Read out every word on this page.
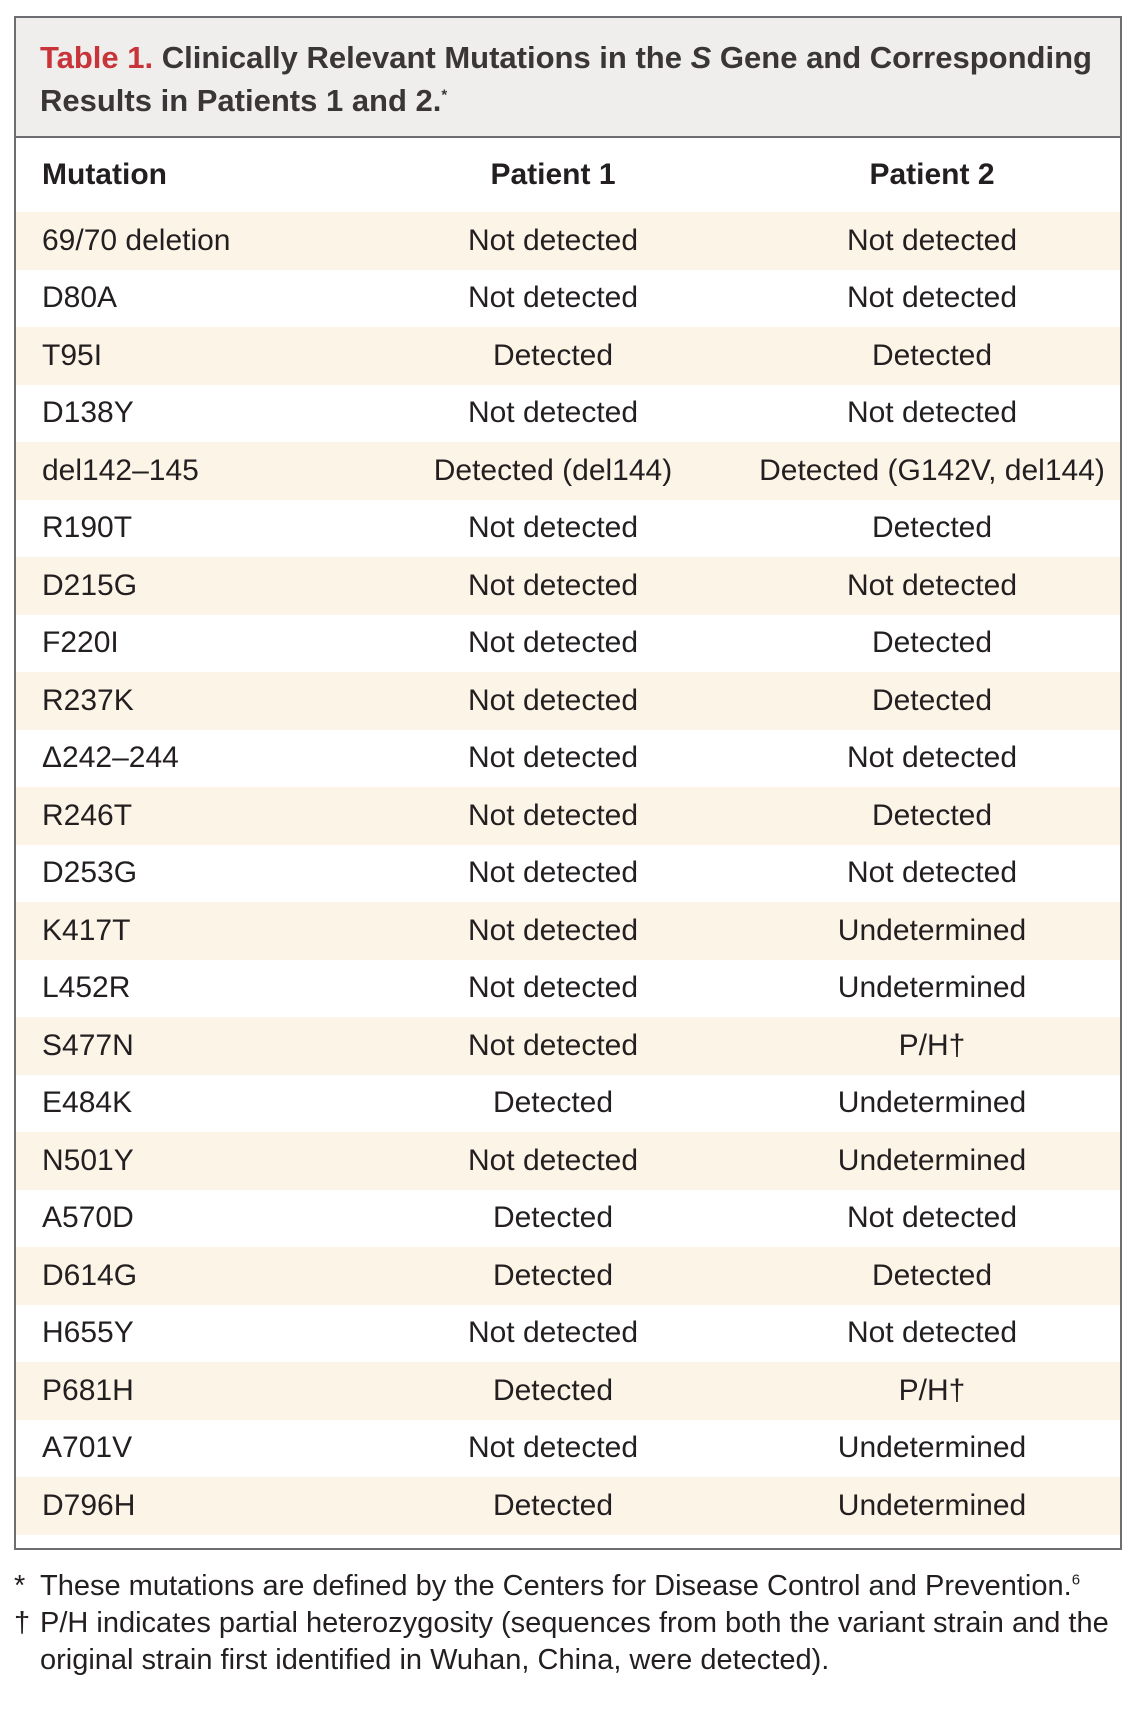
Table 1. Clinically Relevant Mutations in the S Gene and Corresponding Results in Patients 1 and 2.*
Mutation	Patient 1	Patient 2
69/70 deletion	Not detected	Not detected
D80A	Not detected	Not detected
T95I	Detected	Detected
D138Y	Not detected	Not detected
del142–145	Detected (del144)	Detected (G142V, del144)
R190T	Not detected	Detected
D215G	Not detected	Not detected
F220I	Not detected	Detected
R237K	Not detected	Detected
Δ242–244	Not detected	Not detected
R246T	Not detected	Detected
D253G	Not detected	Not detected
K417T	Not detected	Undetermined
L452R	Not detected	Undetermined
S477N	Not detected	P/H†
E484K	Detected	Undetermined
N501Y	Not detected	Undetermined
A570D	Detected	Not detected
D614G	Detected	Detected
H655Y	Not detected	Not detected
P681H	Detected	P/H†
A701V	Not detected	Undetermined
D796H	Detected	Undetermined
* These mutations are defined by the Centers for Disease Control and Prevention.$^6$
† P/H indicates partial heterozygosity (sequences from both the variant strain and the original strain first identified in Wuhan, China, were detected).
